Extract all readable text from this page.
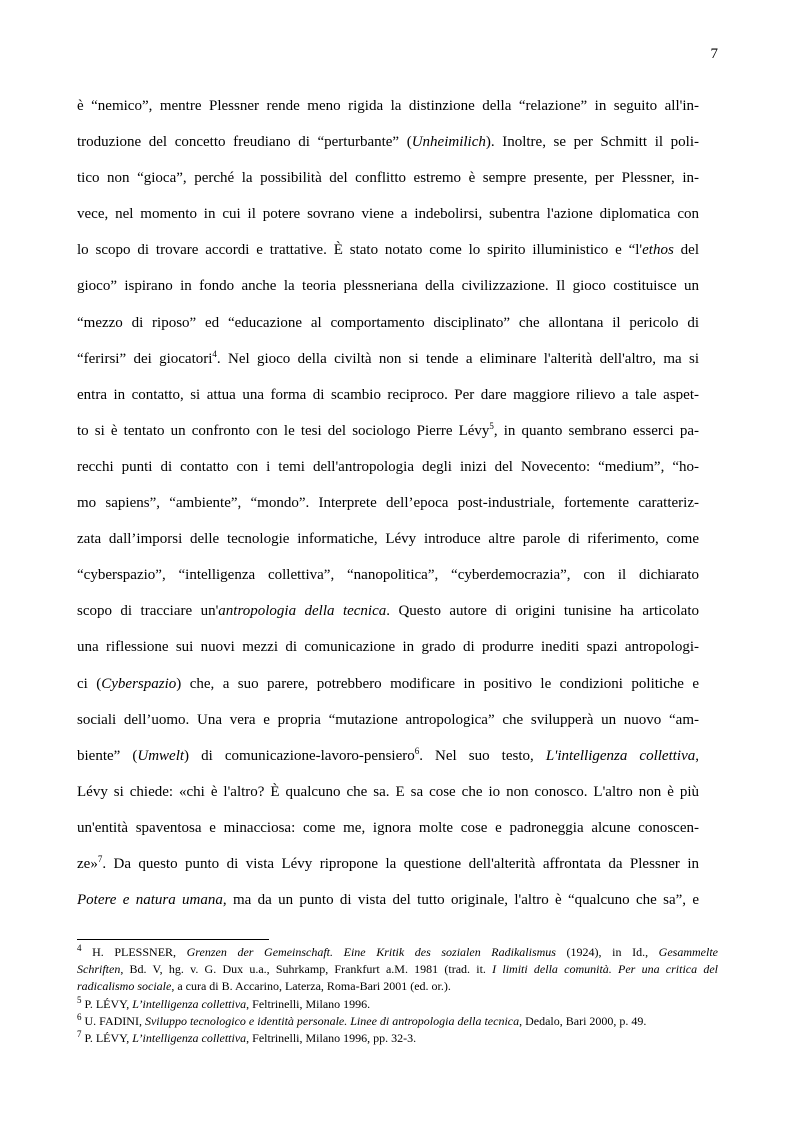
7
è “nemico”, mentre Plessner rende meno rigida la distinzione della “relazione” in seguito all'in-
troduzione del concetto freudiano di “perturbante” (Unheimilich). Inoltre, se per Schmitt il poli-
tico non “gioca”, perché la possibilità del conflitto estremo è sempre presente, per Plessner, in-
vece, nel momento in cui il potere sovrano viene a indebolirsi, subentra l'azione diplomatica con
lo scopo di trovare accordi e trattative. È stato notato come lo spirito illuministico e “l'ethos del
gioco” ispirano in fondo anche la teoria plessneriana della civilizzazione. Il gioco costituisce un
“mezzo di riposo” ed “educazione al comportamento disciplinato” che allontana il pericolo di
“ferirsi” dei giocatori$^4$. Nel gioco della civiltà non si tende a eliminare l'alterità dell'altro, ma si
entra in contatto, si attua una forma di scambio reciproco. Per dare maggiore rilievo a tale aspet-
to si è tentato un confronto con le tesi del sociologo Pierre Lévy$^5$, in quanto sembrano esserci pa-
recchi punti di contatto con i temi dell'antropologia degli inizi del Novecento: “medium”, “ho-
mo sapiens”, “ambiente”, “mondo”. Interprete dell’epoca post-industriale, fortemente caratteriz-
zata dall’imporsi delle tecnologie informatiche, Lévy introduce altre parole di riferimento, come
“cyberspazio”, “intelligenza collettiva”, “nanopolitica”, “cyberdemocrazia”, con il dichiarato
scopo di tracciare un'antropologia della tecnica. Questo autore di origini tunisine ha articolato
una riflessione sui nuovi mezzi di comunicazione in grado di produrre inediti spazi antropologi-
ci (Cyberspazio) che, a suo parere, potrebbero modificare in positivo le condizioni politiche e
sociali dell’uomo. Una vera e propria “mutazione antropologica” che svilupperà un nuovo “am-
biente” (Umwelt) di comunicazione-lavoro-pensiero$^6$. Nel suo testo, L'intelligenza collettiva,
Lévy si chiede: «chi è l'altro? È qualcuno che sa. E sa cose che io non conosco. L'altro non è più
un'entità spaventosa e minacciosa: come me, ignora molte cose e padroneggia alcune conoscen-
ze»$^7$. Da questo punto di vista Lévy ripropone la questione dell'alterità affrontata da Plessner in
Potere e natura umana, ma da un punto di vista del tutto originale, l'altro è “qualcuno che sa”, e
$^4$ H. PLESSNER, Grenzen der Gemeinschaft. Eine Kritik des sozialen Radikalismus (1924), in Id., Gesammelte
Schriften, Bd. V, hg. v. G. Dux u.a., Suhrkamp, Frankfurt a.M. 1981 (trad. it. I limiti della comunità. Per una critica del
radicalismo sociale, a cura di B. Accarino, Laterza, Roma-Bari 2001 (ed. or.).
$^5$ P. LÉVY, L’intelligenza collettiva, Feltrinelli, Milano 1996.
$^6$ U. FADINI, Sviluppo tecnologico e identità personale. Linee di antropologia della tecnica, Dedalo, Bari 2000, p. 49.
$^7$ P. LÉVY, L’intelligenza collettiva, Feltrinelli, Milano 1996, pp. 32-3.
